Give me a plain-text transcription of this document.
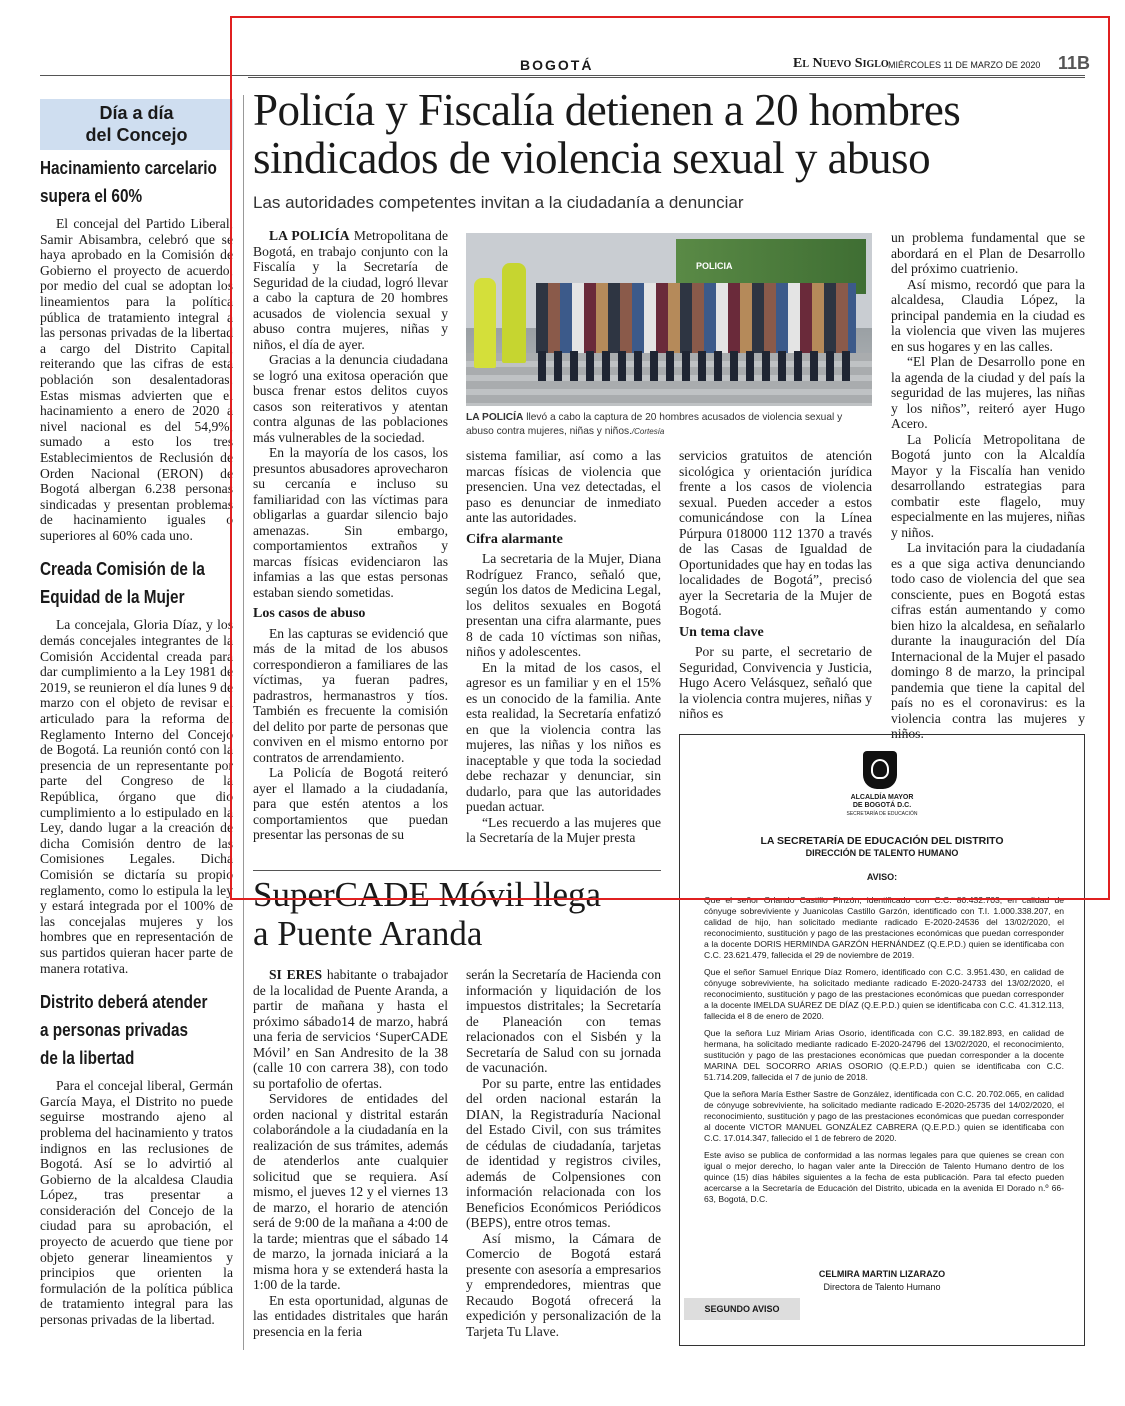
BOGOTÁ	El Nuevo Siglo MIÉRCOLES 11 DE MARZO DE 2020 11B
Día a día
del Concejo
Hacinamiento carcelario
supera el 60%

El concejal del Partido Liberal, Samir Abisambra, celebró que se haya aprobado en la Comisión de Gobierno el proyecto de acuerdo, por medio del cual se adoptan los lineamientos para la política pública de tratamiento integral a las personas privadas de la libertad a cargo del Distrito Capital, reiterando que las cifras de esta población son desalentadoras. Estas mismas advierten que el hacinamiento a enero de 2020 a nivel nacional es del 54,9%, sumado a esto los tres Establecimientos de Reclusión de Orden Nacional (ERON) de Bogotá albergan 6.238 personas sindicadas y presentan problemas de hacinamiento iguales o superiores al 60% cada uno.

Creada Comisión de la
Equidad de la Mujer

La concejala, Gloria Díaz, y los demás concejales integrantes de la Comisión Accidental creada para dar cumplimiento a la Ley 1981 de 2019, se reunieron el día lunes 9 de marzo con el objeto de revisar el articulado para la reforma del Reglamento Interno del Concejo de Bogotá. La reunión contó con la presencia de un representante por parte del Congreso de la República, órgano que dio cumplimiento a lo estipulado en la Ley, dando lugar a la creación de dicha Comisión dentro de las Comisiones Legales. Dicha Comisión se dictaría su propio reglamento, como lo estipula la ley y estará integrada por el 100% de las concejalas mujeres y los hombres que en representación de sus partidos quieran hacer parte de manera rotativa.

Distrito deberá atender
a personas privadas
de la libertad

Para el concejal liberal, Germán García Maya, el Distrito no puede seguirse mostrando ajeno al problema del hacinamiento y tratos indignos en las reclusiones de Bogotá. Así se lo advirtió al Gobierno de la alcaldesa Claudia López, tras presentar a consideración del Concejo de la ciudad para su aprobación, el proyecto de acuerdo que tiene por objeto generar lineamientos y principios que orienten la formulación de la política pública de tratamiento integral para las personas privadas de la libertad.

Policía y Fiscalía detienen a 20 hombres
sindicados de violencia sexual y abuso
Las autoridades competentes invitan a la ciudadanía a denunciar

LA POLICÍA Metropolitana de Bogotá, en trabajo conjunto con la Fiscalía y la Secretaría de Seguridad de la ciudad, logró llevar a cabo la captura de 20 hombres acusados de violencia sexual y abuso contra mujeres, niñas y niños, el día de ayer.

Gracias a la denuncia ciudadana se logró una exitosa operación que busca frenar estos delitos cuyos casos son reiterativos y atentan contra algunas de las poblaciones más vulnerables de la sociedad.

En la mayoría de los casos, los presuntos abusadores aprovecharon su cercanía e incluso su familiaridad con las víctimas para obligarlas a guardar silencio bajo amenazas. Sin embargo, comportamientos extraños y marcas físicas evidenciaron las infamias a las que estas personas estaban siendo sometidas.

Los casos de abuso

En las capturas se evidenció que más de la mitad de los abusos correspondieron a familiares de las víctimas, ya fueran padres, padrastros, hermanastros y tíos. También es frecuente la comisión del delito por parte de personas que conviven en el mismo entorno por contratos de arrendamiento.

La Policía de Bogotá reiteró ayer el llamado a la ciudadanía, para que estén atentos a los comportamientos que puedan presentar las personas de su

POLICIA
LA POLICÍA llevó a cabo la captura de 20 hombres acusados de violencia sexual y abuso contra mujeres, niñas y niños./Cortesía

sistema familiar, así como a las marcas físicas de violencia que presencien. Una vez detectadas, el paso es denunciar de inmediato ante las autoridades.

Cifra alarmante

La secretaria de la Mujer, Diana Rodríguez Franco, señaló que, según los datos de Medicina Legal, los delitos sexuales en Bogotá presentan una cifra alarmante, pues 8 de cada 10 víctimas son niñas, niños y adolescentes.

En la mitad de los casos, el agresor es un familiar y en el 15% es un conocido de la familia. Ante esta realidad, la Secretaría enfatizó en que la violencia contra las mujeres, las niñas y los niños es inaceptable y que toda la sociedad debe rechazar y denunciar, sin dudarlo, para que las autoridades puedan actuar.

“Les recuerdo a las mujeres que la Secretaría de la Mujer presta

servicios gratuitos de atención sicológica y orientación jurídica frente a los casos de violencia sexual. Pueden acceder a estos comunicándose con la Línea Púrpura 018000 112 1370 a través de las Casas de Igualdad de Oportunidades que hay en todas las localidades de Bogotá”, precisó ayer la Secretaria de la Mujer de Bogotá.

Un tema clave

Por su parte, el secretario de Seguridad, Convivencia y Justicia, Hugo Acero Velásquez, señaló que la violencia contra mujeres, niñas y niños es

un problema fundamental que se abordará en el Plan de Desarrollo del próximo cuatrienio.

Así mismo, recordó que para la alcaldesa, Claudia López, la principal pandemia en la ciudad es la violencia que viven las mujeres en sus hogares y en las calles.

“El Plan de Desarrollo pone en la agenda de la ciudad y del país la seguridad de las mujeres, las niñas y los niños”, reiteró ayer Hugo Acero.

La Policía Metropolitana de Bogotá junto con la Alcaldía Mayor y la Fiscalía han venido desarrollando estrategias para combatir este flagelo, muy especialmente en las mujeres, niñas y niños.

La invitación para la ciudadanía es a que siga activa denunciando todo caso de violencia del que sea consciente, pues en Bogotá estas cifras están aumentando y como bien hizo la alcaldesa, en señalarlo durante la inauguración del Día Internacional de la Mujer el pasado domingo 8 de marzo, la principal pandemia que tiene la capital del país no es el coronavirus: es la violencia contra las mujeres y niños.

SuperCADE Móvil llega
a Puente Aranda

SI ERES habitante o trabajador de la localidad de Puente Aranda, a partir de mañana y hasta el próximo sábado14 de marzo, habrá una feria de servicios ‘SuperCADE Móvil’ en San Andresito de la 38 (calle 10 con carrera 38), con todo su portafolio de ofertas.

Servidores de entidades del orden nacional y distrital estarán colaborándole a la ciudadanía en la realización de sus trámites, además de atenderlos ante cualquier solicitud que se requiera. Así mismo, el jueves 12 y el viernes 13 de marzo, el horario de atención será de 9:00 de la mañana a 4:00 de la tarde; mientras que el sábado 14 de marzo, la jornada iniciará a la misma hora y se extenderá hasta la 1:00 de la tarde.

En esta oportunidad, algunas de las entidades distritales que harán presencia en la feria

serán la Secretaría de Hacienda con información y liquidación de los impuestos distritales; la Secretaría de Planeación con temas relacionados con el Sisbén y la Secretaría de Salud con su jornada de vacunación.

Por su parte, entre las entidades del orden nacional estarán la DIAN, la Registraduría Nacional del Estado Civil, con sus trámites de cédulas de ciudadanía, tarjetas de identidad y registros civiles, además de Colpensiones con información relacionada con los Beneficios Económicos Periódicos (BEPS), entre otros temas.

Así mismo, la Cámara de Comercio de Bogotá estará presente con asesoría a empresarios y emprendedores, mientras que Recaudo Bogotá ofrecerá la expedición y personalización de la Tarjeta Tu Llave.

ALCALDÍA MAYOR
DE BOGOTÁ D.C.
SECRETARÍA DE EDUCACIÓN
LA SECRETARÍA DE EDUCACIÓN DEL DISTRITO
DIRECCIÓN DE TALENTO HUMANO
AVISO:

Que el señor Orlando Castillo Pinzón, identificado con C.C. 80.432.703, en calidad de cónyuge sobreviviente y Juanicolas Castillo Garzón, identificado con T.I. 1.000.338.207, en calidad de hijo, han solicitado mediante radicado E-2020-24536 del 13/02/2020, el reconocimiento, sustitución y pago de las prestaciones económicas que puedan corresponder a la docente DORIS HERMINDA GARZÓN HERNÁNDEZ (Q.E.P.D.) quien se identificaba con C.C. 23.621.479, fallecida el 29 de noviembre de 2019.

Que el señor Samuel Enrique Díaz Romero, identificado con C.C. 3.951.430, en calidad de cónyuge sobreviviente, ha solicitado mediante radicado E-2020-24733 del 13/02/2020, el reconocimiento, sustitución y pago de las prestaciones económicas que puedan corresponder a la docente IMELDA SUÁREZ DE DÍAZ (Q.E.P.D.) quien se identificaba con C.C. 41.312.113, fallecida el 8 de enero de 2020.

Que la señora Luz Miriam Arias Osorio, identificada con C.C. 39.182.893, en calidad de hermana, ha solicitado mediante radicado E-2020-24796 del 13/02/2020, el reconocimiento, sustitución y pago de las prestaciones económicas que puedan corresponder a la docente MARINA DEL SOCORRO ARIAS OSORIO (Q.E.P.D.) quien se identificaba con C.C. 51.714.209, fallecida el 7 de junio de 2018.

Que la señora María Esther Sastre de González, identificada con C.C. 20.702.065, en calidad de cónyuge sobreviviente, ha solicitado mediante radicado E-2020-25735 del 14/02/2020, el reconocimiento, sustitución y pago de las prestaciones económicas que puedan corresponder al docente VICTOR MANUEL GONZÁLEZ CABRERA (Q.E.P.D.) quien se identificaba con C.C. 17.014.347, fallecido el 1 de febrero de 2020.

Este aviso se publica de conformidad a las normas legales para que quienes se crean con igual o mejor derecho, lo hagan valer ante la Dirección de Talento Humano dentro de los quince (15) días hábiles siguientes a la fecha de esta publicación. Para tal efecto pueden acercarse a la Secretaría de Educación del Distrito, ubicada en la avenida El Dorado n.º 66-63, Bogotá, D.C.

CELMIRA MARTIN LIZARAZO
Directora de Talento Humano
SEGUNDO AVISO
